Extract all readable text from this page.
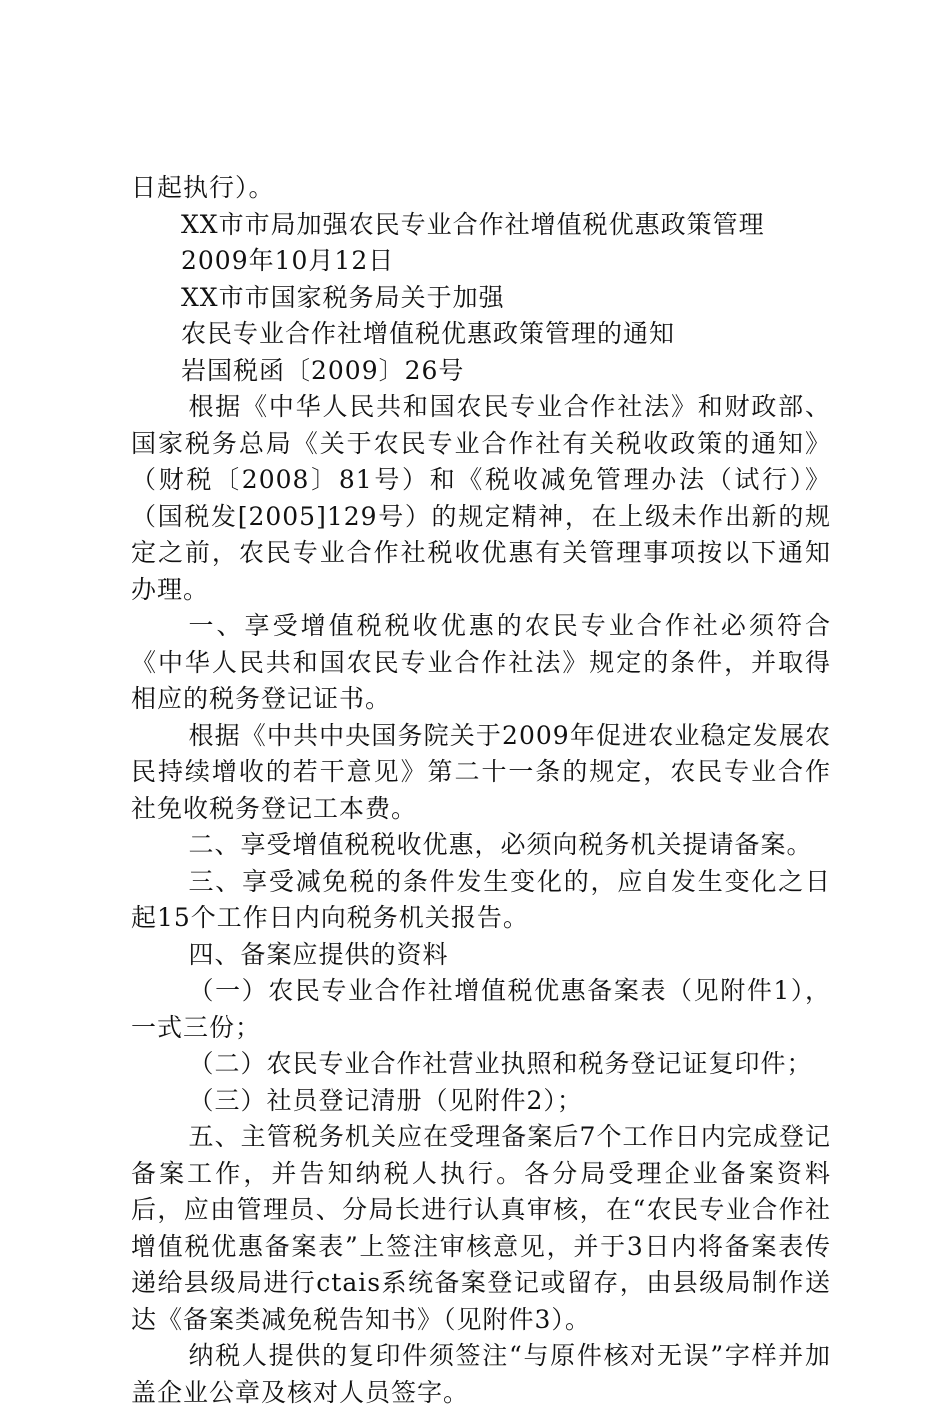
日起执行）。

XX市市局加强农民专业合作社增值税优惠政策管理

2009年10月12日

XX市市国家税务局关于加强

农民专业合作社增值税优惠政策管理的通知

岩国税函〔2009〕26号

根据《中华人民共和国农民专业合作社法》和财政部、国家税务总局《关于农民专业合作社有关税收政策的通知》（财税〔2008〕81号）和《税收减免管理办法（试行）》（国税发[2005]129号）的规定精神，在上级未作出新的规定之前，农民专业合作社税收优惠有关管理事项按以下通知办理。

一、享受增值税税收优惠的农民专业合作社必须符合《中华人民共和国农民专业合作社法》规定的条件，并取得相应的税务登记证书。

根据《中共中央国务院关于2009年促进农业稳定发展农民持续增收的若干意见》第二十一条的规定，农民专业合作社免收税务登记工本费。

二、享受增值税税收优惠，必须向税务机关提请备案。

三、享受减免税的条件发生变化的，应自发生变化之日起15个工作日内向税务机关报告。

四、备案应提供的资料

（一）农民专业合作社增值税优惠备案表（见附件1），一式三份；

（二）农民专业合作社营业执照和税务登记证复印件；

（三）社员登记清册（见附件2）；

五、主管税务机关应在受理备案后7个工作日内完成登记备案工作，并告知纳税人执行。各分局受理企业备案资料后，应由管理员、分局长进行认真审核，在“农民专业合作社增值税优惠备案表”上签注审核意见，并于3日内将备案表传递给县级局进行ctais系统备案登记或留存，由县级局制作送达《备案类减免税告知书》（见附件3）。

纳税人提供的复印件须签注“与原件核对无误”字样并加盖企业公章及核对人员签字。
